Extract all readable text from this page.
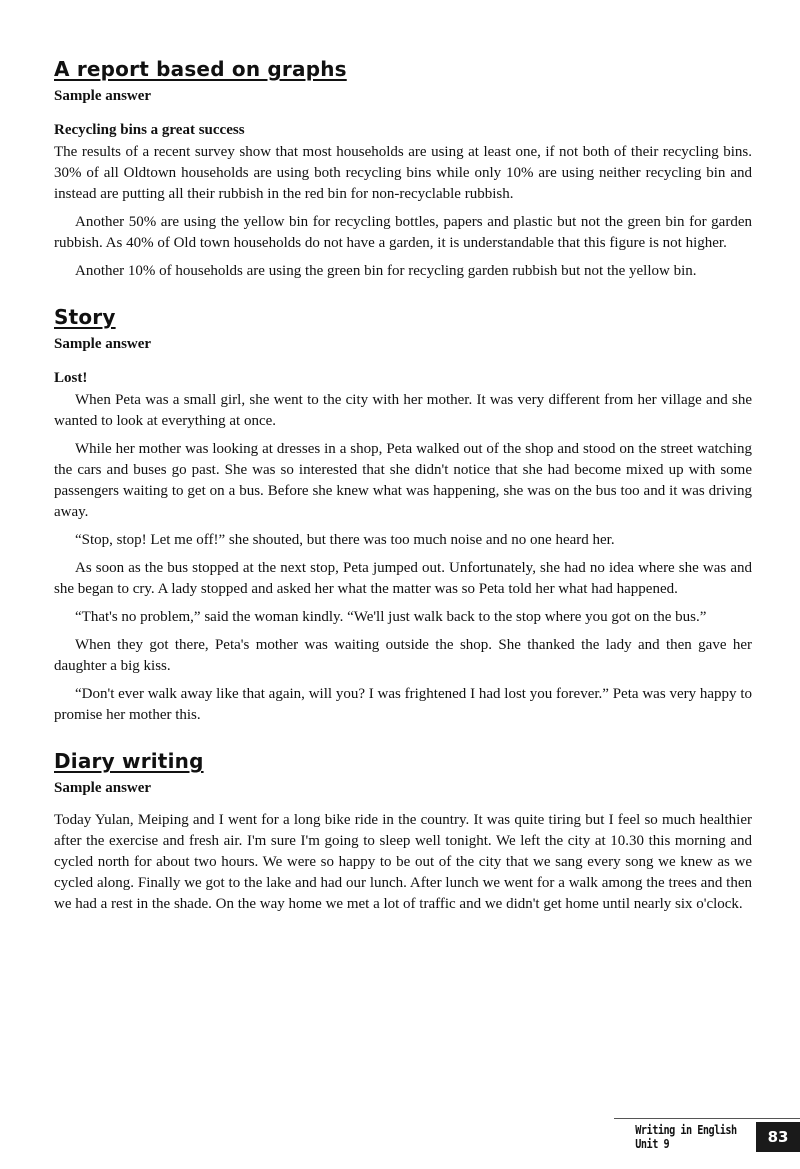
A report based on graphs
Sample answer
Recycling bins a great success

The results of a recent survey show that most households are using at least one, if not both of their recycling bins. 30% of all Oldtown households are using both recycling bins while only 10% are using neither recycling bin and instead are putting all their rubbish in the red bin for non-recyclable rubbish.

Another 50% are using the yellow bin for recycling bottles, papers and plastic but not the green bin for garden rubbish. As 40% of Old town households do not have a garden, it is understandable that this figure is not higher.

Another 10% of households are using the green bin for recycling garden rubbish but not the yellow bin.

Story
Sample answer
Lost!

When Peta was a small girl, she went to the city with her mother. It was very different from her village and she wanted to look at everything at once.

While her mother was looking at dresses in a shop, Peta walked out of the shop and stood on the street watching the cars and buses go past. She was so interested that she didn't notice that she had become mixed up with some passengers waiting to get on a bus. Before she knew what was happening, she was on the bus too and it was driving away.

“Stop, stop! Let me off!” she shouted, but there was too much noise and no one heard her.

As soon as the bus stopped at the next stop, Peta jumped out. Unfortunately, she had no idea where she was and she began to cry. A lady stopped and asked her what the matter was so Peta told her what had happened.

“That's no problem,” said the woman kindly. “We'll just walk back to the stop where you got on the bus.”

When they got there, Peta's mother was waiting outside the shop. She thanked the lady and then gave her daughter a big kiss.

“Don't ever walk away like that again, will you? I was frightened I had lost you forever.” Peta was very happy to promise her mother this.

Diary writing
Sample answer

Today Yulan, Meiping and I went for a long bike ride in the country. It was quite tiring but I feel so much healthier after the exercise and fresh air. I'm sure I'm going to sleep well tonight. We left the city at 10.30 this morning and cycled north for about two hours. We were so happy to be out of the city that we sang every song we knew as we cycled along. Finally we got to the lake and had our lunch. After lunch we went for a walk among the trees and then we had a rest in the shade. On the way home we met a lot of traffic and we didn't get home until nearly six o'clock.

Writing in English Unit 9	83
